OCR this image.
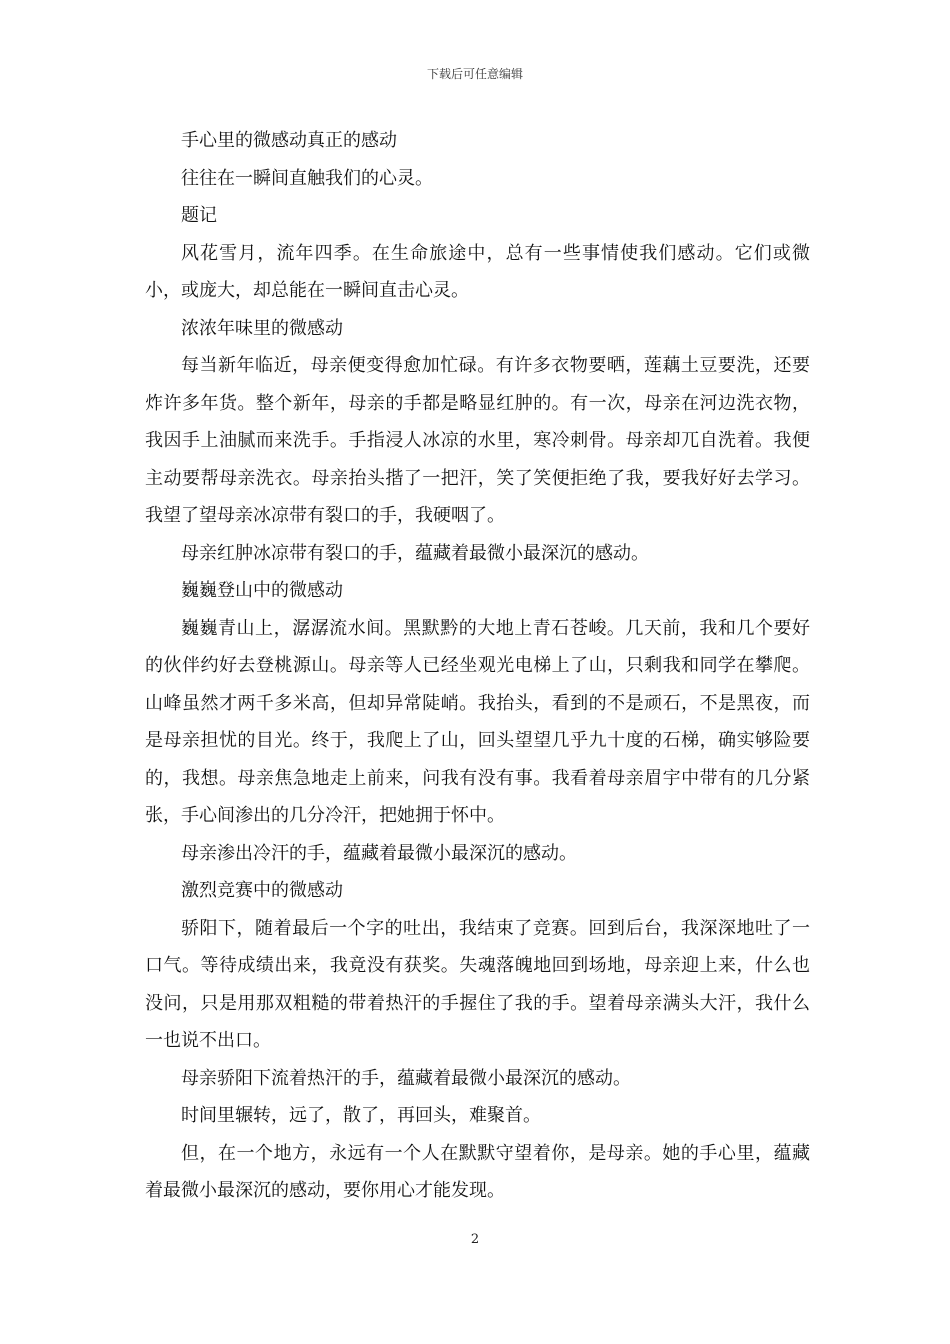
下载后可任意编辑

手心里的微感动真正的感动

往往在一瞬间直触我们的心灵。

题记

风花雪月，流年四季。在生命旅途中，总有一些事情使我们感动。它们或微小，或庞大，却总能在一瞬间直击心灵。

浓浓年味里的微感动

每当新年临近，母亲便变得愈加忙碌。有许多衣物要晒，莲藕土豆要洗，还要炸许多年货。整个新年，母亲的手都是略显红肿的。有一次，母亲在河边洗衣物，我因手上油腻而来洗手。手指浸人冰凉的水里，寒冷刺骨。母亲却兀自洗着。我便主动要帮母亲洗衣。母亲抬头揩了一把汗，笑了笑便拒绝了我，要我好好去学习。我望了望母亲冰凉带有裂口的手，我硬咽了。

母亲红肿冰凉带有裂口的手，蕴藏着最微小最深沉的感动。

巍巍登山中的微感动

巍巍青山上，潺潺流水间。黑默黔的大地上青石苍峻。几天前，我和几个要好的伙伴约好去登桃源山。母亲等人已经坐观光电梯上了山，只剩我和同学在攀爬。山峰虽然才两千多米高，但却异常陡峭。我抬头，看到的不是顽石，不是黑夜，而是母亲担忧的目光。终于，我爬上了山，回头望望几乎九十度的石梯，确实够险要的，我想。母亲焦急地走上前来，问我有没有事。我看着母亲眉宇中带有的几分紧张，手心间渗出的几分冷汗，把她拥于怀中。

母亲渗出冷汗的手，蕴藏着最微小最深沉的感动。

激烈竞赛中的微感动

骄阳下，随着最后一个字的吐出，我结束了竞赛。回到后台，我深深地吐了一口气。等待成绩出来，我竟没有获奖。失魂落魄地回到场地，母亲迎上来，什么也没问，只是用那双粗糙的带着热汗的手握住了我的手。望着母亲满头大汗，我什么一也说不出口。

母亲骄阳下流着热汗的手，蕴藏着最微小最深沉的感动。

时间里辗转，远了，散了，再回头，难聚首。

但，在一个地方，永远有一个人在默默守望着你，是母亲。她的手心里，蕴藏着最微小最深沉的感动，要你用心才能发现。

2
